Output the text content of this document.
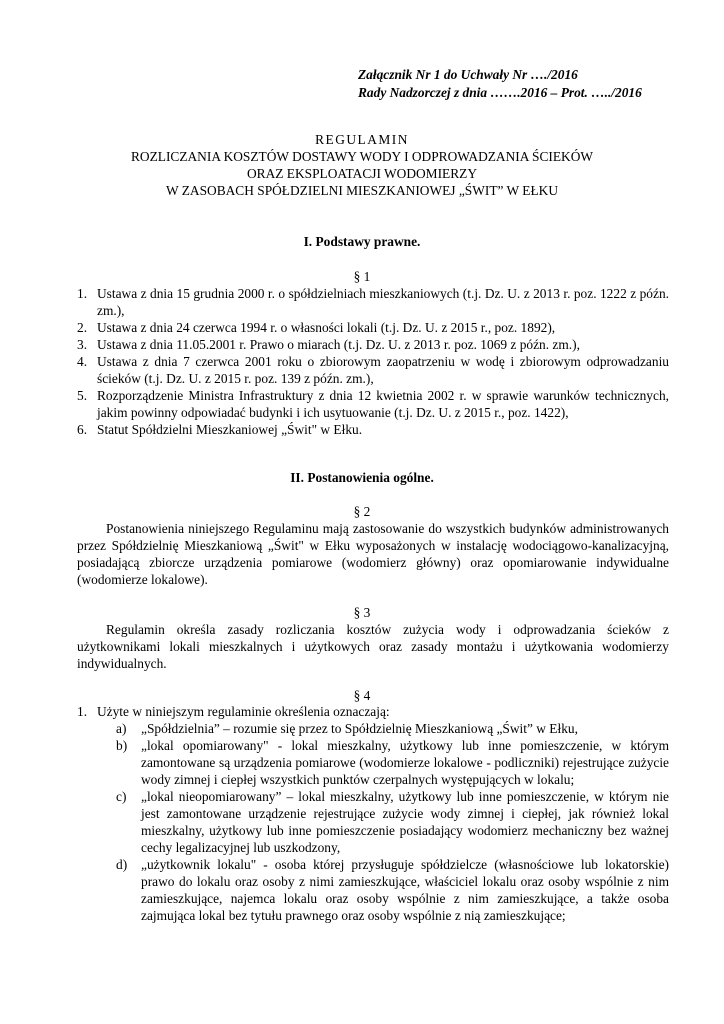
Załącznik Nr 1 do Uchwały Nr …./2016
Rady Nadzorczej z dnia …….2016 – Prot. …../2016
REGULAMIN
ROZLICZANIA KOSZTÓW DOSTAWY WODY I ODPROWADZANIA ŚCIEKÓW
ORAZ EKSPLOATACJI WODOMIERZY
W ZASOBACH SPÓŁDZIELNI MIESZKANIOWEJ „ŚWIT” W EŁKU
I. Podstawy prawne.
§ 1
1. Ustawa z dnia 15 grudnia 2000 r. o spółdzielniach mieszkaniowych (t.j. Dz. U. z 2013 r. poz. 1222 z późn. zm.),
2. Ustawa z dnia 24 czerwca 1994 r. o własności lokali (t.j. Dz. U. z 2015 r., poz. 1892),
3. Ustawa z dnia 11.05.2001 r. Prawo o miarach (t.j. Dz. U. z 2013 r. poz. 1069 z późn. zm.),
4. Ustawa z dnia 7 czerwca 2001 roku o zbiorowym zaopatrzeniu w wodę i zbiorowym odprowadzaniu ścieków (t.j. Dz. U. z 2015 r. poz. 139 z późn. zm.),
5. Rozporządzenie Ministra Infrastruktury z dnia 12 kwietnia 2002 r. w sprawie warunków technicznych, jakim powinny odpowiadać budynki i ich usytuowanie (t.j. Dz. U. z 2015 r., poz. 1422),
6. Statut Spółdzielni Mieszkaniowej „Świt" w Ełku.
II. Postanowienia ogólne.
§ 2

Postanowienia niniejszego Regulaminu mają zastosowanie do wszystkich budynków administrowanych przez Spółdzielnię Mieszkaniową „Świt" w Ełku wyposażonych w instalację wodociągowo-kanalizacyjną, posiadającą zbiorcze urządzenia pomiarowe (wodomierz główny) oraz opomiarowanie indywidualne (wodomierze lokalowe).

§ 3

Regulamin określa zasady rozliczania kosztów zużycia wody i odprowadzania ścieków z użytkownikami lokali mieszkalnych i użytkowych oraz zasady montażu i użytkowania wodomierzy indywidualnych.

§ 4
1. Użyte w niniejszym regulaminie określenia oznaczają:
a) „Spółdzielnia” – rozumie się przez to Spółdzielnię Mieszkaniową „Świt” w Ełku,
b) „lokal opomiarowany" - lokal mieszkalny, użytkowy lub inne pomieszczenie, w którym zamontowane są urządzenia pomiarowe (wodomierze lokalowe - podliczniki) rejestrujące zużycie wody zimnej i ciepłej wszystkich punktów czerpalnych występujących w lokalu;
c) „lokal nieopomiarowany” – lokal mieszkalny, użytkowy lub inne pomieszczenie, w którym nie jest zamontowane urządzenie rejestrujące zużycie wody zimnej i ciepłej, jak również lokal mieszkalny, użytkowy lub inne pomieszczenie posiadający wodomierz mechaniczny bez ważnej cechy legalizacyjnej lub uszkodzony,
d) „użytkownik lokalu" - osoba której przysługuje spółdzielcze (własnościowe lub lokatorskie) prawo do lokalu oraz osoby z nimi zamieszkujące, właściciel lokalu oraz osoby wspólnie z nim zamieszkujące, najemca lokalu oraz osoby wspólnie z nim zamieszkujące, a także osoba zajmująca lokal bez tytułu prawnego oraz osoby wspólnie z nią zamieszkujące;
